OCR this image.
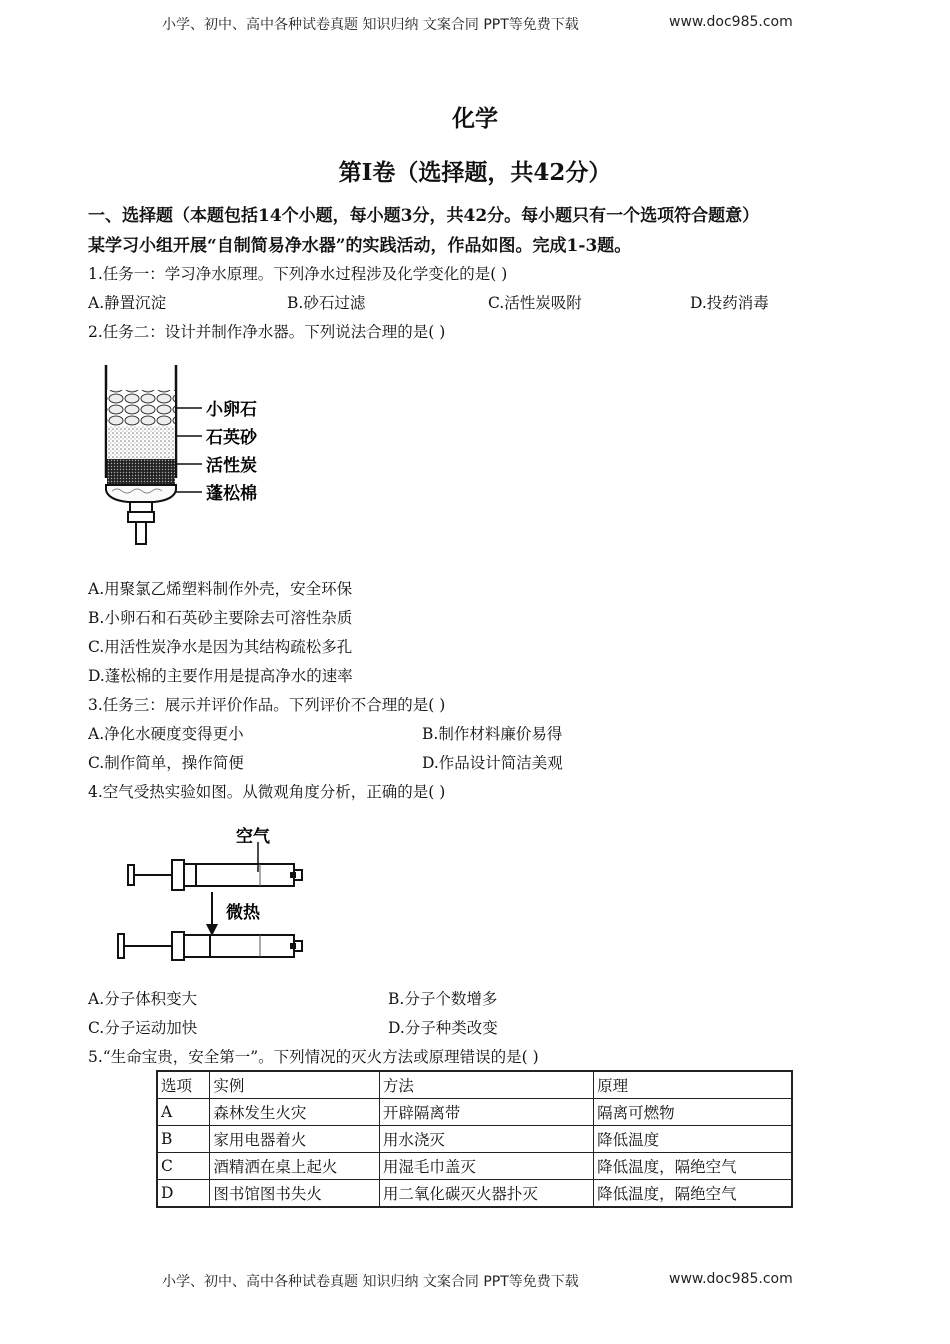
小学、初中、高中各种试卷真题 知识归纳 文案合同 PPT等免费下载	www.doc985.com
化学
第I卷（选择题，共42分）
一、选择题（本题包括14个小题，每小题3分，共42分。每小题只有一个选项符合题意）
某学习小组开展“自制简易净水器”的实践活动，作品如图。完成1-3题。
1.任务一：学习净水原理。下列净水过程涉及化学变化的是( )
A.静置沉淀	B.砂石过滤	C.活性炭吸附	D.投药消毒
2.任务二：设计并制作净水器。下列说法合理的是( )
小卵石
石英砂
活性炭
蓬松棉
A.用聚氯乙烯塑料制作外壳，安全环保
B.小卵石和石英砂主要除去可溶性杂质
C.用活性炭净水是因为其结构疏松多孔
D.蓬松棉的主要作用是提高净水的速率
3.任务三：展示并评价作品。下列评价不合理的是( )
A.净化水硬度变得更小	B.制作材料廉价易得
C.制作简单，操作简便	D.作品设计简洁美观
4.空气受热实验如图。从微观角度分析，正确的是( )
空气
微热
A.分子体积变大	B.分子个数增多
C.分子运动加快	D.分子种类改变
5.“生命宝贵，安全第一”。下列情况的灭火方法或原理错误的是( )
选项	实例	方法	原理
A	森林发生火灾	开辟隔离带	隔离可燃物
B	家用电器着火	用水浇灭	降低温度
C	酒精洒在桌上起火	用湿毛巾盖灭	降低温度，隔绝空气
D	图书馆图书失火	用二氧化碳灭火器扑灭	降低温度，隔绝空气
小学、初中、高中各种试卷真题 知识归纳 文案合同 PPT等免费下载	www.doc985.com
